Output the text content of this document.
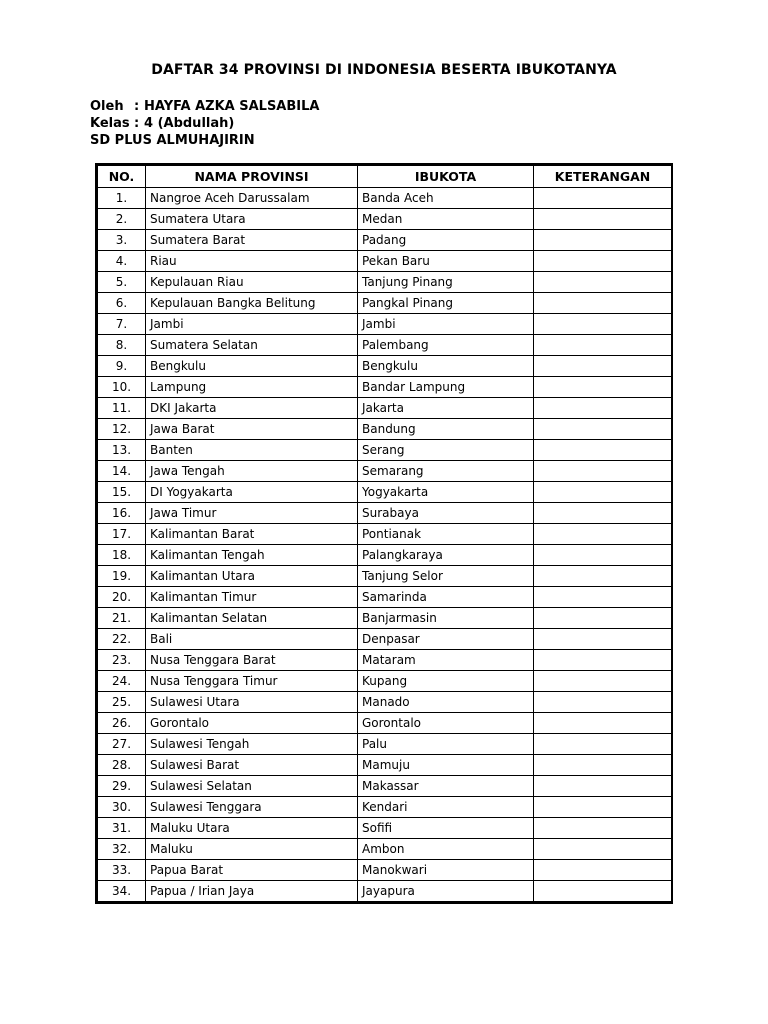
DAFTAR 34 PROVINSI DI INDONESIA BESERTA IBUKOTANYA
Oleh : HAYFA AZKA SALSABILA
Kelas : 4 (Abdullah)
SD PLUS ALMUHAJIRIN
NO.	NAMA PROVINSI	IBUKOTA	KETERANGAN
1.	Nangroe Aceh Darussalam	Banda Aceh	
2.	Sumatera Utara	Medan	
3.	Sumatera Barat	Padang	
4.	Riau	Pekan Baru	
5.	Kepulauan Riau	Tanjung Pinang	
6.	Kepulauan Bangka Belitung	Pangkal Pinang	
7.	Jambi	Jambi	
8.	Sumatera Selatan	Palembang	
9.	Bengkulu	Bengkulu	
10.	Lampung	Bandar Lampung	
11.	DKI Jakarta	Jakarta	
12.	Jawa Barat	Bandung	
13.	Banten	Serang	
14.	Jawa Tengah	Semarang	
15.	DI Yogyakarta	Yogyakarta	
16.	Jawa Timur	Surabaya	
17.	Kalimantan Barat	Pontianak	
18.	Kalimantan Tengah	Palangkaraya	
19.	Kalimantan Utara	Tanjung Selor	
20.	Kalimantan Timur	Samarinda	
21.	Kalimantan Selatan	Banjarmasin	
22.	Bali	Denpasar	
23.	Nusa Tenggara Barat	Mataram	
24.	Nusa Tenggara Timur	Kupang	
25.	Sulawesi Utara	Manado	
26.	Gorontalo	Gorontalo	
27.	Sulawesi Tengah	Palu	
28.	Sulawesi Barat	Mamuju	
29.	Sulawesi Selatan	Makassar	
30.	Sulawesi Tenggara	Kendari	
31.	Maluku Utara	Sofifi	
32.	Maluku	Ambon	
33.	Papua Barat	Manokwari	
34.	Papua / Irian Jaya	Jayapura	
